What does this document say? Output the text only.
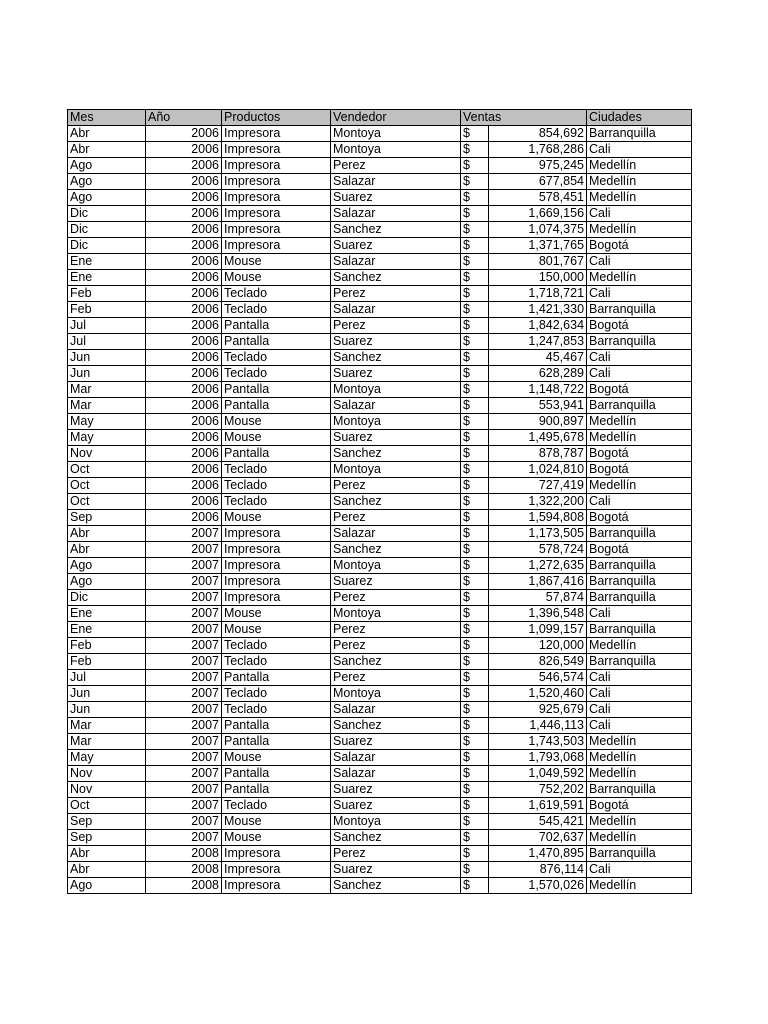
Mes	Año	Productos	Vendedor	Ventas		Ciudades
Abr	2006	Impresora	Montoya	$	854,692	Barranquilla
Abr	2006	Impresora	Montoya	$	1,768,286	Cali
Ago	2006	Impresora	Perez	$	975,245	Medellín
Ago	2006	Impresora	Salazar	$	677,854	Medellín
Ago	2006	Impresora	Suarez	$	578,451	Medellín
Dic	2006	Impresora	Salazar	$	1,669,156	Cali
Dic	2006	Impresora	Sanchez	$	1,074,375	Medellín
Dic	2006	Impresora	Suarez	$	1,371,765	Bogotá
Ene	2006	Mouse	Salazar	$	801,767	Cali
Ene	2006	Mouse	Sanchez	$	150,000	Medellín
Feb	2006	Teclado	Perez	$	1,718,721	Cali
Feb	2006	Teclado	Salazar	$	1,421,330	Barranquilla
Jul	2006	Pantalla	Perez	$	1,842,634	Bogotá
Jul	2006	Pantalla	Suarez	$	1,247,853	Barranquilla
Jun	2006	Teclado	Sanchez	$	45,467	Cali
Jun	2006	Teclado	Suarez	$	628,289	Cali
Mar	2006	Pantalla	Montoya	$	1,148,722	Bogotá
Mar	2006	Pantalla	Salazar	$	553,941	Barranquilla
May	2006	Mouse	Montoya	$	900,897	Medellín
May	2006	Mouse	Suarez	$	1,495,678	Medellín
Nov	2006	Pantalla	Sanchez	$	878,787	Bogotá
Oct	2006	Teclado	Montoya	$	1,024,810	Bogotá
Oct	2006	Teclado	Perez	$	727,419	Medellín
Oct	2006	Teclado	Sanchez	$	1,322,200	Cali
Sep	2006	Mouse	Perez	$	1,594,808	Bogotá
Abr	2007	Impresora	Salazar	$	1,173,505	Barranquilla
Abr	2007	Impresora	Sanchez	$	578,724	Bogotá
Ago	2007	Impresora	Montoya	$	1,272,635	Barranquilla
Ago	2007	Impresora	Suarez	$	1,867,416	Barranquilla
Dic	2007	Impresora	Perez	$	57,874	Barranquilla
Ene	2007	Mouse	Montoya	$	1,396,548	Cali
Ene	2007	Mouse	Perez	$	1,099,157	Barranquilla
Feb	2007	Teclado	Perez	$	120,000	Medellín
Feb	2007	Teclado	Sanchez	$	826,549	Barranquilla
Jul	2007	Pantalla	Perez	$	546,574	Cali
Jun	2007	Teclado	Montoya	$	1,520,460	Cali
Jun	2007	Teclado	Salazar	$	925,679	Cali
Mar	2007	Pantalla	Sanchez	$	1,446,113	Cali
Mar	2007	Pantalla	Suarez	$	1,743,503	Medellín
May	2007	Mouse	Salazar	$	1,793,068	Medellín
Nov	2007	Pantalla	Salazar	$	1,049,592	Medellín
Nov	2007	Pantalla	Suarez	$	752,202	Barranquilla
Oct	2007	Teclado	Suarez	$	1,619,591	Bogotá
Sep	2007	Mouse	Montoya	$	545,421	Medellín
Sep	2007	Mouse	Sanchez	$	702,637	Medellín
Abr	2008	Impresora	Perez	$	1,470,895	Barranquilla
Abr	2008	Impresora	Suarez	$	876,114	Cali
Ago	2008	Impresora	Sanchez	$	1,570,026	Medellín
